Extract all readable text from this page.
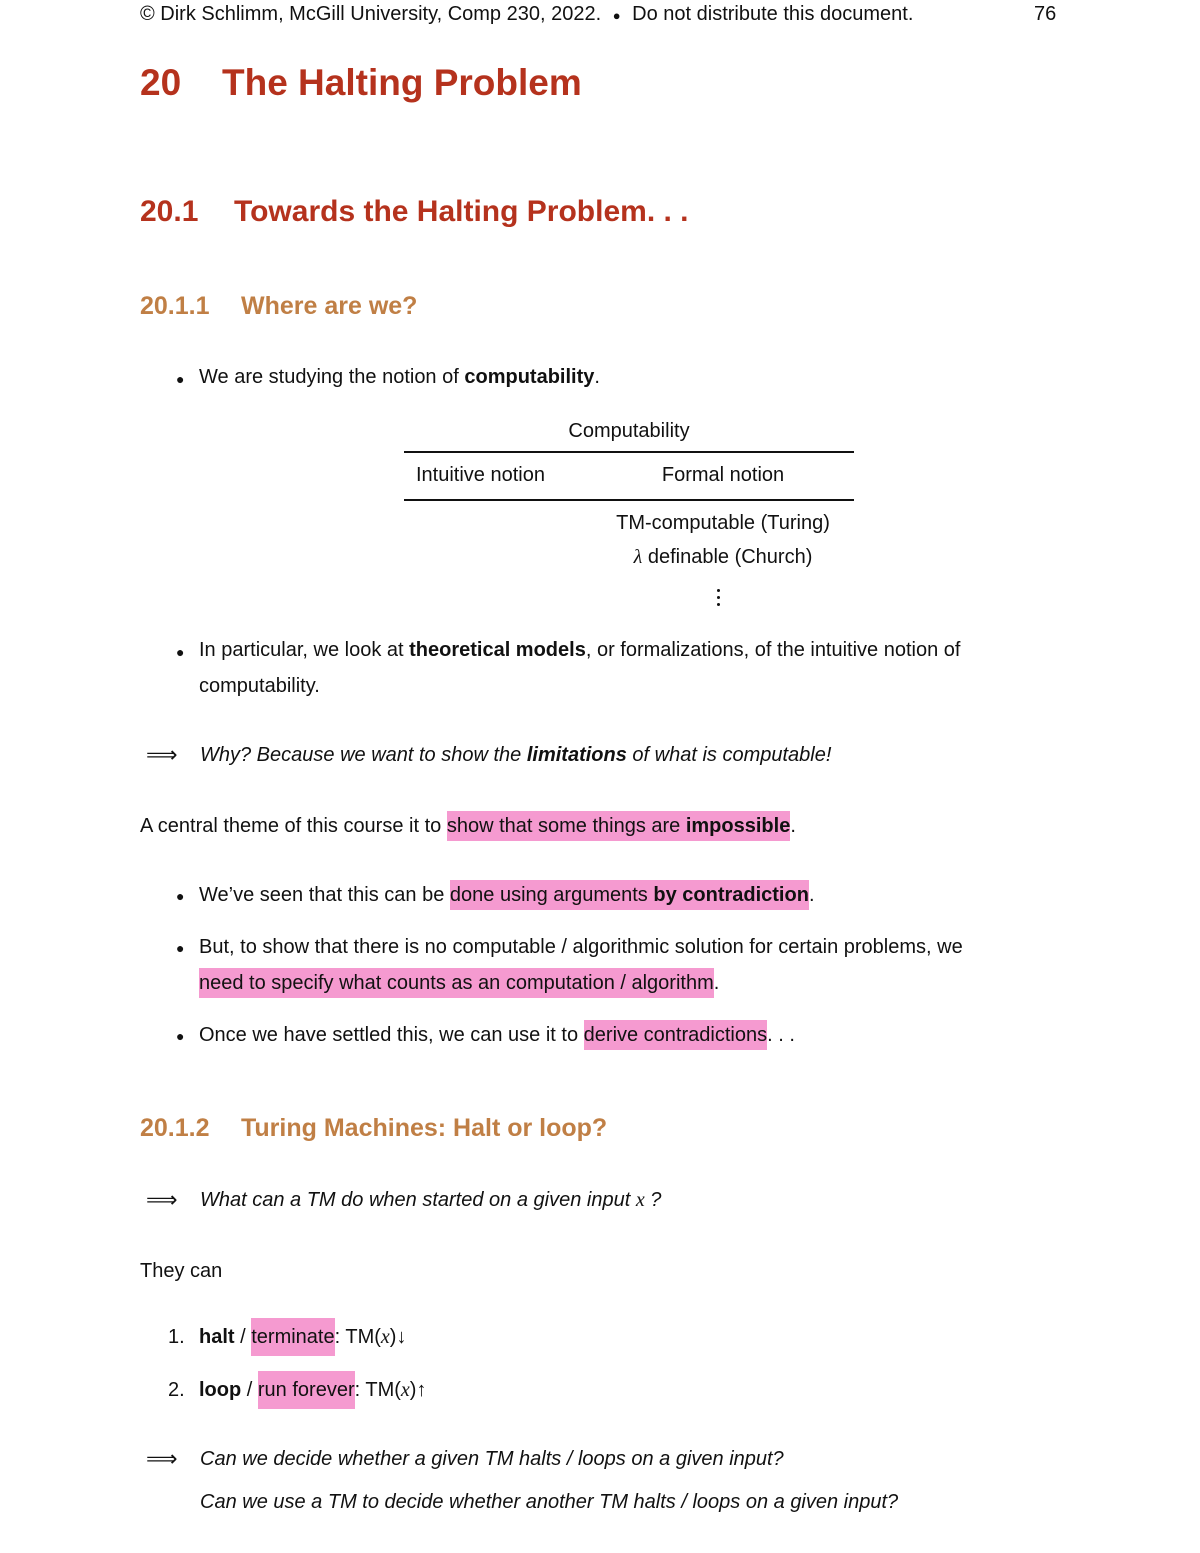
© Dirk Schlimm, McGill University, Comp 230, 2022. ● Do not distribute this document.	76
20 The Halting Problem
20.1 Towards the Halting Problem. . .
20.1.1 Where are we?
● We are studying the notion of computability.
Computability
Intuitive notion	Formal notion
TM-computable (Turing)
λ definable (Church)
● In particular, we look at theoretical models, or formalizations, of the intuitive notion of
computability.
⟹ Why? Because we want to show the limitations of what is computable!
A central theme of this course it to show that some things are impossible.
● We’ve seen that this can be done using arguments by contradiction.
● But, to show that there is no computable / algorithmic solution for certain problems, we
need to specify what counts as an computation / algorithm.
● Once we have settled this, we can use it to derive contradictions. . .
20.1.2 Turing Machines: Halt or loop?
⟹ What can a TM do when started on a given input x ?
They can
1. halt / terminate: TM(x)↓
2. loop / run forever: TM(x)↑
⟹ Can we decide whether a given TM halts / loops on a given input?
Can we use a TM to decide whether another TM halts / loops on a given input?
